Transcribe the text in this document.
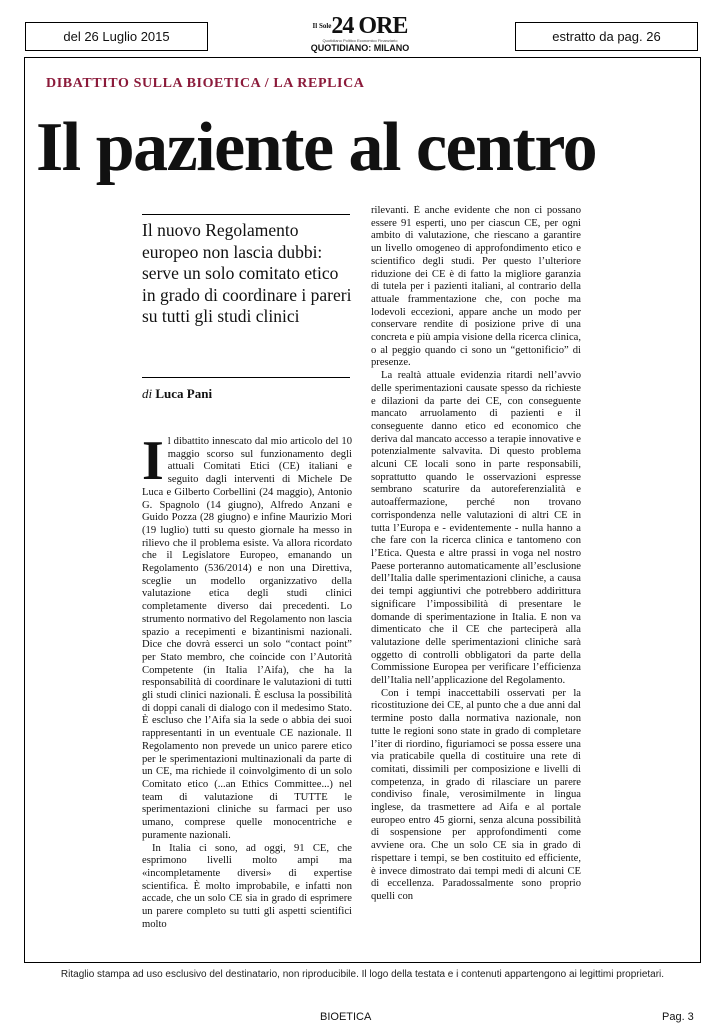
del 26 Luglio 2015
$^{Il Sole}$24 ORE
Quotidiano Politico Economico Finanziario
QUOTIDIANO: MILANO
estratto da pag. 26
DIBATTITO SULLA BIOETICA / LA REPLICA
Il paziente al centro
Il nuovo Regolamento europeo non lascia dubbi: serve un solo comitato etico in grado di coordinare i pareri su tutti gli studi clinici
di Luca Pani

Il dibattito innescato dal mio articolo del 10 maggio scorso sul funzionamento degli attuali Comitati Etici (CE) italiani e seguito dagli interventi di Michele De Luca e Gilberto Corbellini (24 maggio), Antonio G. Spagnolo (14 giugno), Alfredo Anzani e Guido Pozza (28 giugno) e infine Maurizio Mori (19 luglio) tutti su questo giornale ha messo in rilievo che il problema esiste. Va allora ricordato che il Legislatore Europeo, emanando un Regolamento (536/2014) e non una Direttiva, sceglie un modello organizzativo della valutazione etica degli studi clinici completamente diverso dai precedenti. Lo strumento normativo del Regolamento non lascia spazio a recepimenti e bizantinismi nazionali. Dice che dovrà esserci un solo “contact point” per Stato membro, che coincide con l’Autorità Competente (in Italia l’Aifa), che ha la responsabilità di coordinare le valutazioni di tutti gli studi clinici nazionali. È esclusa la possibilità di doppi canali di dialogo con il medesimo Stato. È escluso che l’Aifa sia la sede o abbia dei suoi rappresentanti in un eventuale CE nazionale. Il Regolamento non prevede un unico parere etico per le sperimentazioni multinazionali da parte di un CE, ma richiede il coinvolgimento di un solo Comitato etico (...an Ethics Committee...) nel team di valutazione di TUTTE le sperimentazioni cliniche su farmaci per uso umano, comprese quelle monocentriche e puramente nazionali.

In Italia ci sono, ad oggi, 91 CE, che esprimono livelli molto ampi ma «incompletamente diversi» di expertise scientifica. È molto improbabile, e infatti non accade, che un solo CE sia in grado di esprimere un parere completo su tutti gli aspetti scientifici molto

rilevanti. È anche evidente che non ci possano essere 91 esperti, uno per ciascun CE, per ogni ambito di valutazione, che riescano a garantire un livello omogeneo di approfondimento etico e scientifico degli studi. Per questo l’ulteriore riduzione dei CE è di fatto la migliore garanzia di tutela per i pazienti italiani, al contrario della attuale frammentazione che, con poche ma lodevoli eccezioni, appare anche un modo per conservare rendite di posizione prive di una concreta e più ampia visione della ricerca clinica, o al peggio quando ci sono un “gettonificio” di presenze.

La realtà attuale evidenzia ritardi nell’avvio delle sperimentazioni causate spesso da richieste e dilazioni da parte dei CE, con conseguente mancato arruolamento di pazienti e il conseguente danno etico ed economico che deriva dal mancato accesso a terapie innovative e potenzialmente salvavita. Di questo problema alcuni CE locali sono in parte responsabili, soprattutto quando le osservazioni espresse sembrano scaturire da autoreferenzialità e autoaffermazione, perché non trovano corrispondenza nelle valutazioni di altri CE in tutta l’Europa e - evidentemente - nulla hanno a che fare con la ricerca clinica e tantomeno con l’Etica. Questa e altre prassi in voga nel nostro Paese porteranno automaticamente all’esclusione dell’Italia dalle sperimentazioni cliniche, a causa dei tempi aggiuntivi che potrebbero addirittura significare l’impossibilità di presentare le domande di sperimentazione in Italia. E non va dimenticato che il CE che parteciperà alla valutazione delle sperimentazioni cliniche sarà oggetto di controlli obbligatori da parte della Commissione Europea per verificare l’efficienza dell’Italia nell’applicazione del Regolamento.

Con i tempi inaccettabili osservati per la ricostituzione dei CE, al punto che a due anni dal termine posto dalla normativa nazionale, non tutte le regioni sono state in grado di completare l’iter di riordino, figuriamoci se possa essere una via praticabile quella di costituire una rete di comitati, dissimili per composizione e livelli di competenza, in grado di rilasciare un parere condiviso finale, verosimilmente in lingua inglese, da trasmettere ad Aifa e al portale europeo entro 45 giorni, senza alcuna possibilità di sospensione per approfondimenti come avviene ora. Che un solo CE sia in grado di rispettare i tempi, se ben costituito ed efficiente, è invece dimostrato dai tempi medi di alcuni CE di eccellenza. Paradossalmente sono proprio quelli con

Ritaglio stampa ad uso esclusivo del destinatario, non riproducibile. Il logo della testata e i contenuti appartengono ai legittimi proprietari.
BIOETICA	Pag. 3
